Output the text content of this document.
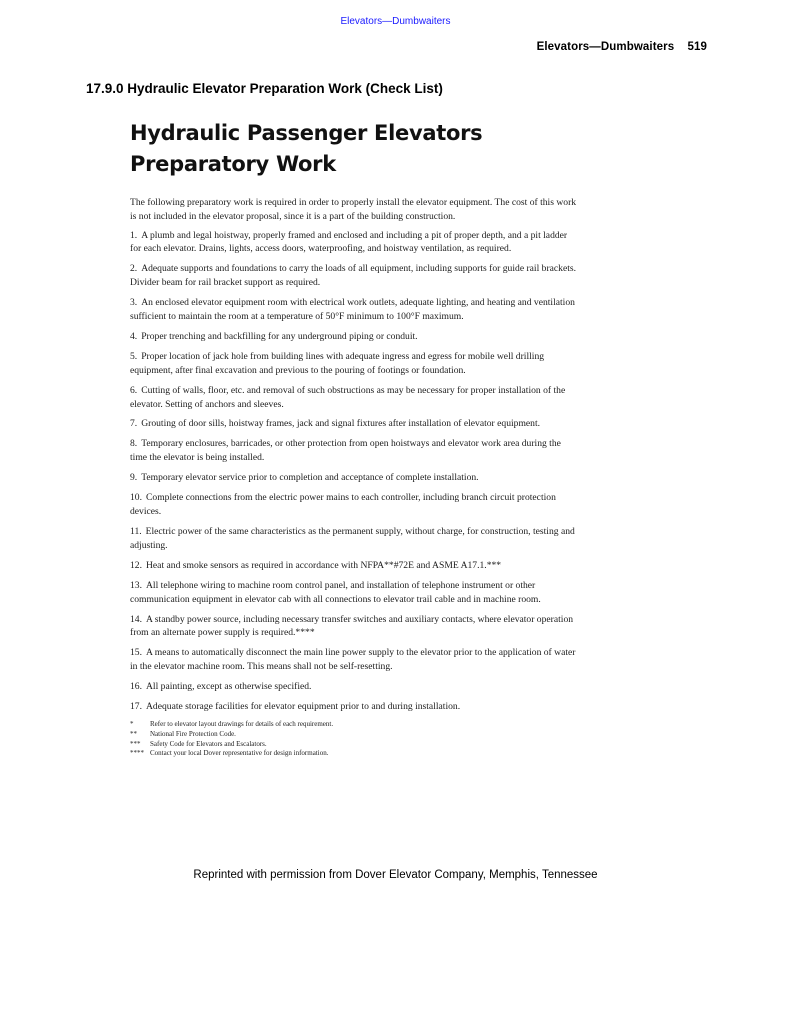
Elevators—Dumbwaiters
Elevators—Dumbwaiters 519
17.9.0 Hydraulic Elevator Preparation Work (Check List)
Hydraulic Passenger Elevators
Preparatory Work

The following preparatory work is required in order to properly install the elevator equipment. The cost of this work is not included in the elevator proposal, since it is a part of the building construction.

1. A plumb and legal hoistway, properly framed and enclosed and including a pit of proper depth, and a pit ladder for each elevator. Drains, lights, access doors, waterproofing, and hoistway ventilation, as required.
2. Adequate supports and foundations to carry the loads of all equipment, including supports for guide rail brackets. Divider beam for rail bracket support as required.
3. An enclosed elevator equipment room with electrical work outlets, adequate lighting, and heating and ventilation sufficient to maintain the room at a temperature of 50°F minimum to 100°F maximum.
4. Proper trenching and backfilling for any underground piping or conduit.
5. Proper location of jack hole from building lines with adequate ingress and egress for mobile well drilling equipment, after final excavation and previous to the pouring of footings or foundation.
6. Cutting of walls, floor, etc. and removal of such obstructions as may be necessary for proper installation of the elevator. Setting of anchors and sleeves.
7. Grouting of door sills, hoistway frames, jack and signal fixtures after installation of elevator equipment.
8. Temporary enclosures, barricades, or other protection from open hoistways and elevator work area during the time the elevator is being installed.
9. Temporary elevator service prior to completion and acceptance of complete installation.
10. Complete connections from the electric power mains to each controller, including branch circuit protection devices.
11. Electric power of the same characteristics as the permanent supply, without charge, for construction, testing and adjusting.
12. Heat and smoke sensors as required in accordance with NFPA**#72E and ASME A17.1.***
13. All telephone wiring to machine room control panel, and installation of telephone instrument or other communication equipment in elevator cab with all connections to elevator trail cable and in machine room.
14. A standby power source, including necessary transfer switches and auxiliary contacts, where elevator operation from an alternate power supply is required.****
15. A means to automatically disconnect the main line power supply to the elevator prior to the application of water in the elevator machine room. This means shall not be self-resetting.
16. All painting, except as otherwise specified.
17. Adequate storage facilities for elevator equipment prior to and during installation.
*	Refer to elevator layout drawings for details of each requirement.
**	National Fire Protection Code.
***	Safety Code for Elevators and Escalators.
**** Contact your local Dover representative for design information.
Reprinted with permission from Dover Elevator Company, Memphis, Tennessee
